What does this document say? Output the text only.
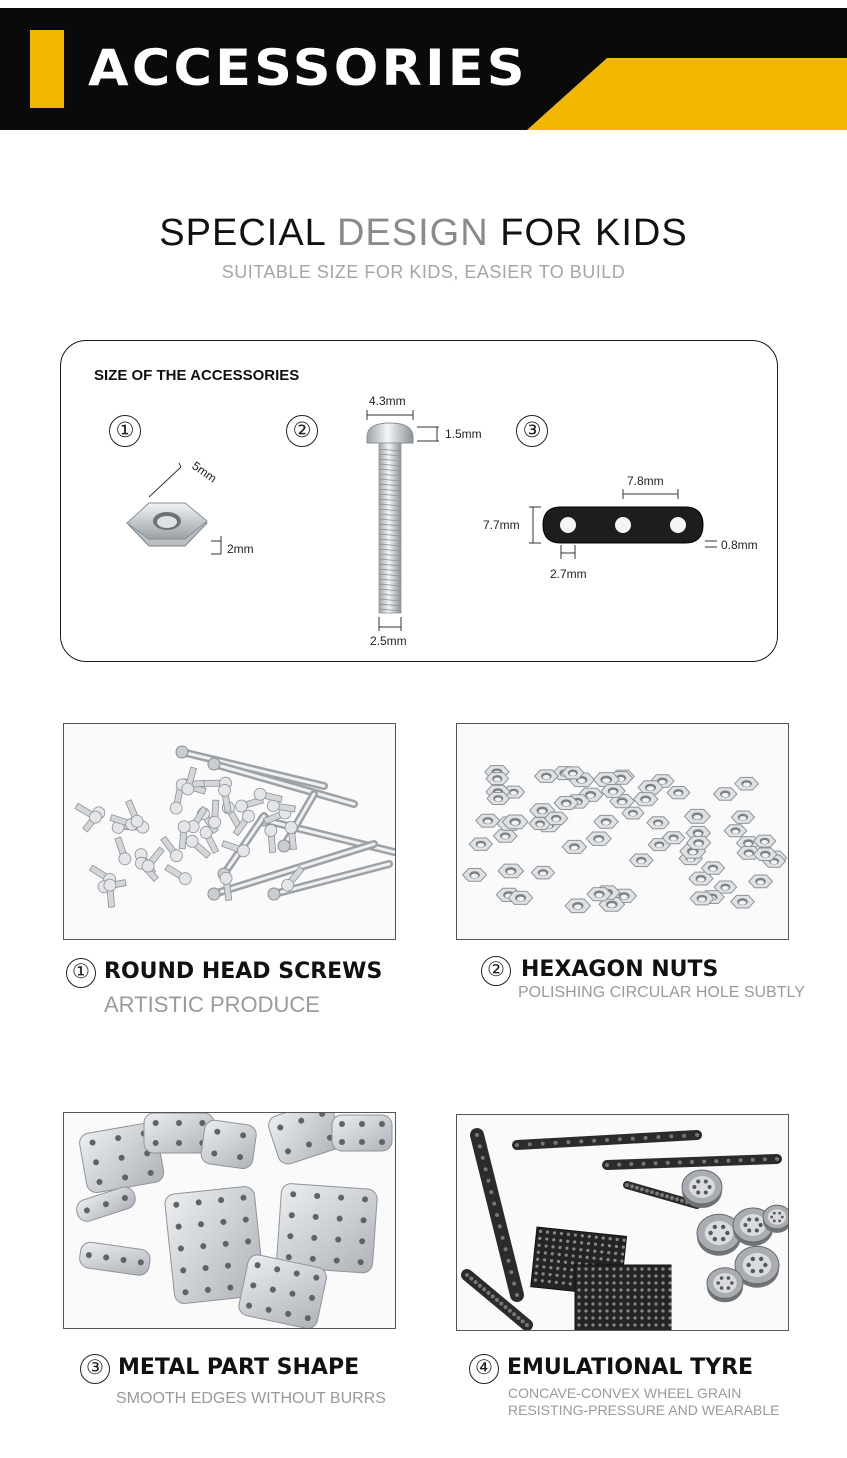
ACCESSORIES
SPECIAL DESIGN FOR KIDS
SUITABLE SIZE FOR KIDS, EASIER TO BUILD
SIZE OF THE ACCESSORIES
①	②	③
5mm
2mm
4.3mm
1.5mm
2.5mm
7.8mm
7.7mm
0.8mm
2.7mm
① ROUND HEAD SCREWS
ARTISTIC PRODUCE
② HEXAGON NUTS
POLISHING CIRCULAR HOLE SUBTLY
③ METAL PART SHAPE
SMOOTH EDGES WITHOUT BURRS
④ EMULATIONAL TYRE
CONCAVE-CONVEX WHEEL GRAIN
RESISTING-PRESSURE AND WEARABLE
